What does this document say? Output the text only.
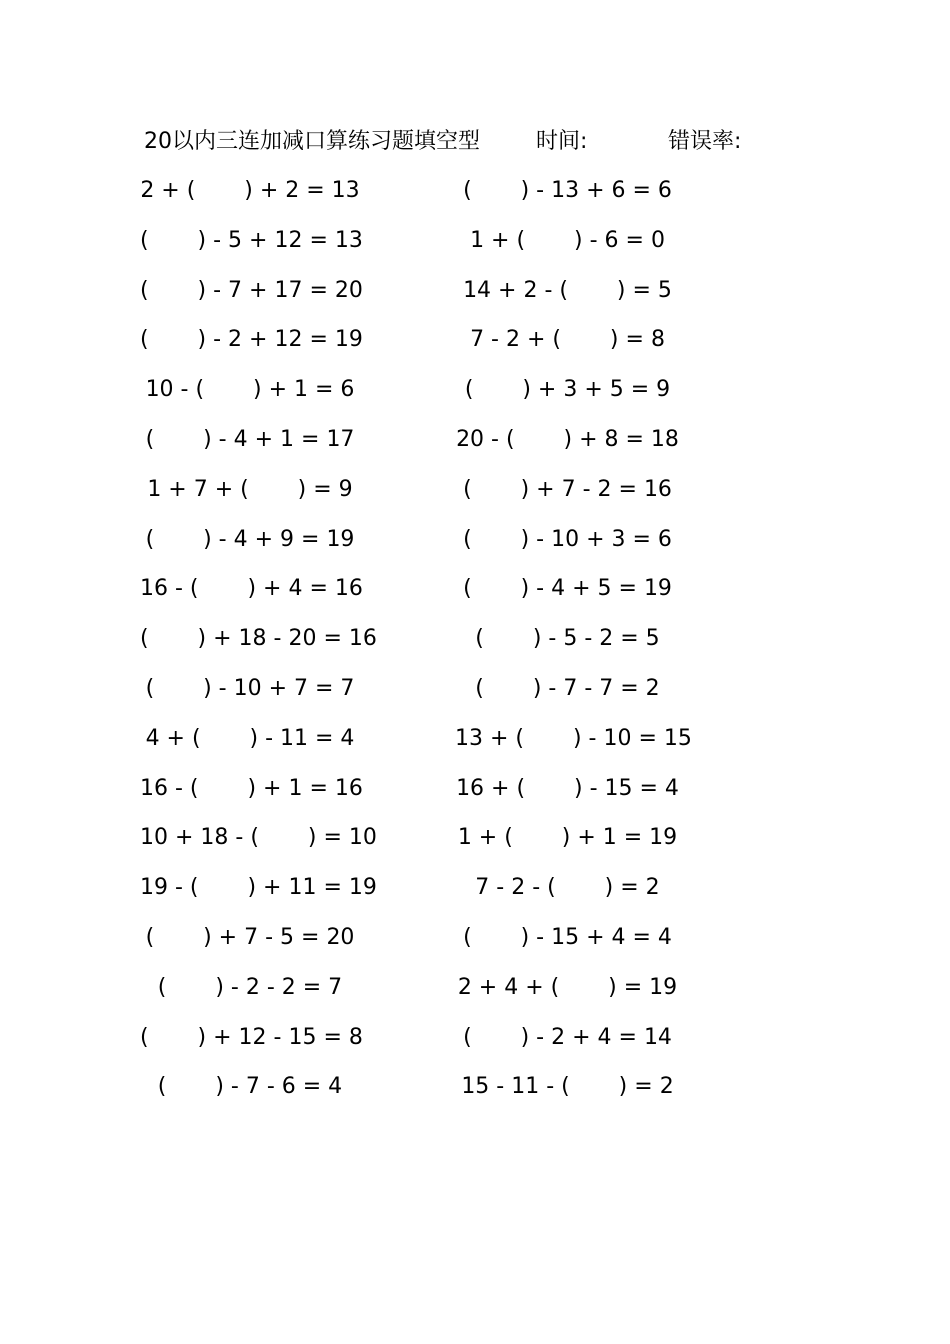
20以内三连加减口算练习题填空型	时间:	错误率:
2 + (       ) + 2 = 13
(       ) - 5 + 12 = 13
(       ) - 7 + 17 = 20
(       ) - 2 + 12 = 19
10 - (       ) + 1 = 6
(       ) - 4 + 1 = 17
1 + 7 + (       ) = 9
(       ) - 4 + 9 = 19
16 - (       ) + 4 = 16
(       ) + 18 - 20 = 16
(       ) - 10 + 7 = 7
4 + (       ) - 11 = 4
16 - (       ) + 1 = 16
10 + 18 - (       ) = 10
19 - (       ) + 11 = 19
(       ) + 7 - 5 = 20
(       ) - 2 - 2 = 7
(       ) + 12 - 15 = 8
(       ) - 7 - 6 = 4
(       ) - 13 + 6 = 6
1 + (       ) - 6 = 0
14 + 2 - (       ) = 5
7 - 2 + (       ) = 8
(       ) + 3 + 5 = 9
20 - (       ) + 8 = 18
(       ) + 7 - 2 = 16
(       ) - 10 + 3 = 6
(       ) - 4 + 5 = 19
(       ) - 5 - 2 = 5
(       ) - 7 - 7 = 2
13 + (       ) - 10 = 15
16 + (       ) - 15 = 4
1 + (       ) + 1 = 19
7 - 2 - (       ) = 2
(       ) - 15 + 4 = 4
2 + 4 + (       ) = 19
(       ) - 2 + 4 = 14
15 - 11 - (       ) = 2
